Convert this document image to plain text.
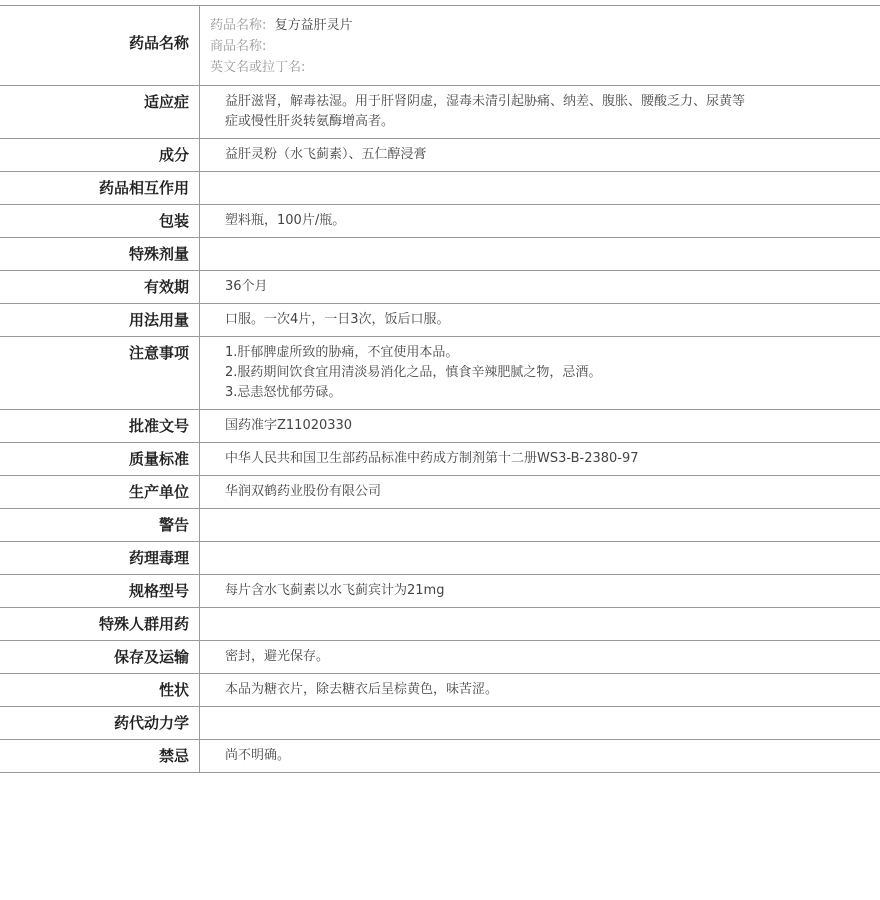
药品名称
药品名称: 复方益肝灵片
商品名称:
英文名或拉丁名:
适应症	益肝滋肾，解毒祛湿。用于肝肾阴虚，湿毒未清引起胁痛、纳差、腹胀、腰酸乏力、尿黄等
症或慢性肝炎转氨酶增高者。
成分	益肝灵粉（水飞蓟素）、五仁醇浸膏
药品相互作用

包装	塑料瓶，100片/瓶。
特殊剂量

有效期	36个月
用法用量	口服。一次4片，一日3次，饭后口服。
注意事项	1.肝郁脾虚所致的胁痛，不宜使用本品。
2.服药期间饮食宜用清淡易消化之品，慎食辛辣肥腻之物，忌酒。
3.忌恚怒忧郁劳碌。
批准文号	国药准字Z11020330
质量标准	中华人民共和国卫生部药品标准中药成方制剂第十二册WS3-B-2380-97
生产单位	华润双鹤药业股份有限公司
警告

药理毒理

规格型号	每片含水飞蓟素以水飞蓟宾计为21mg
特殊人群用药

保存及运输	密封，避光保存。
性状	本品为糖衣片，除去糖衣后呈棕黄色，味苦涩。
药代动力学

禁忌	尚不明确。
